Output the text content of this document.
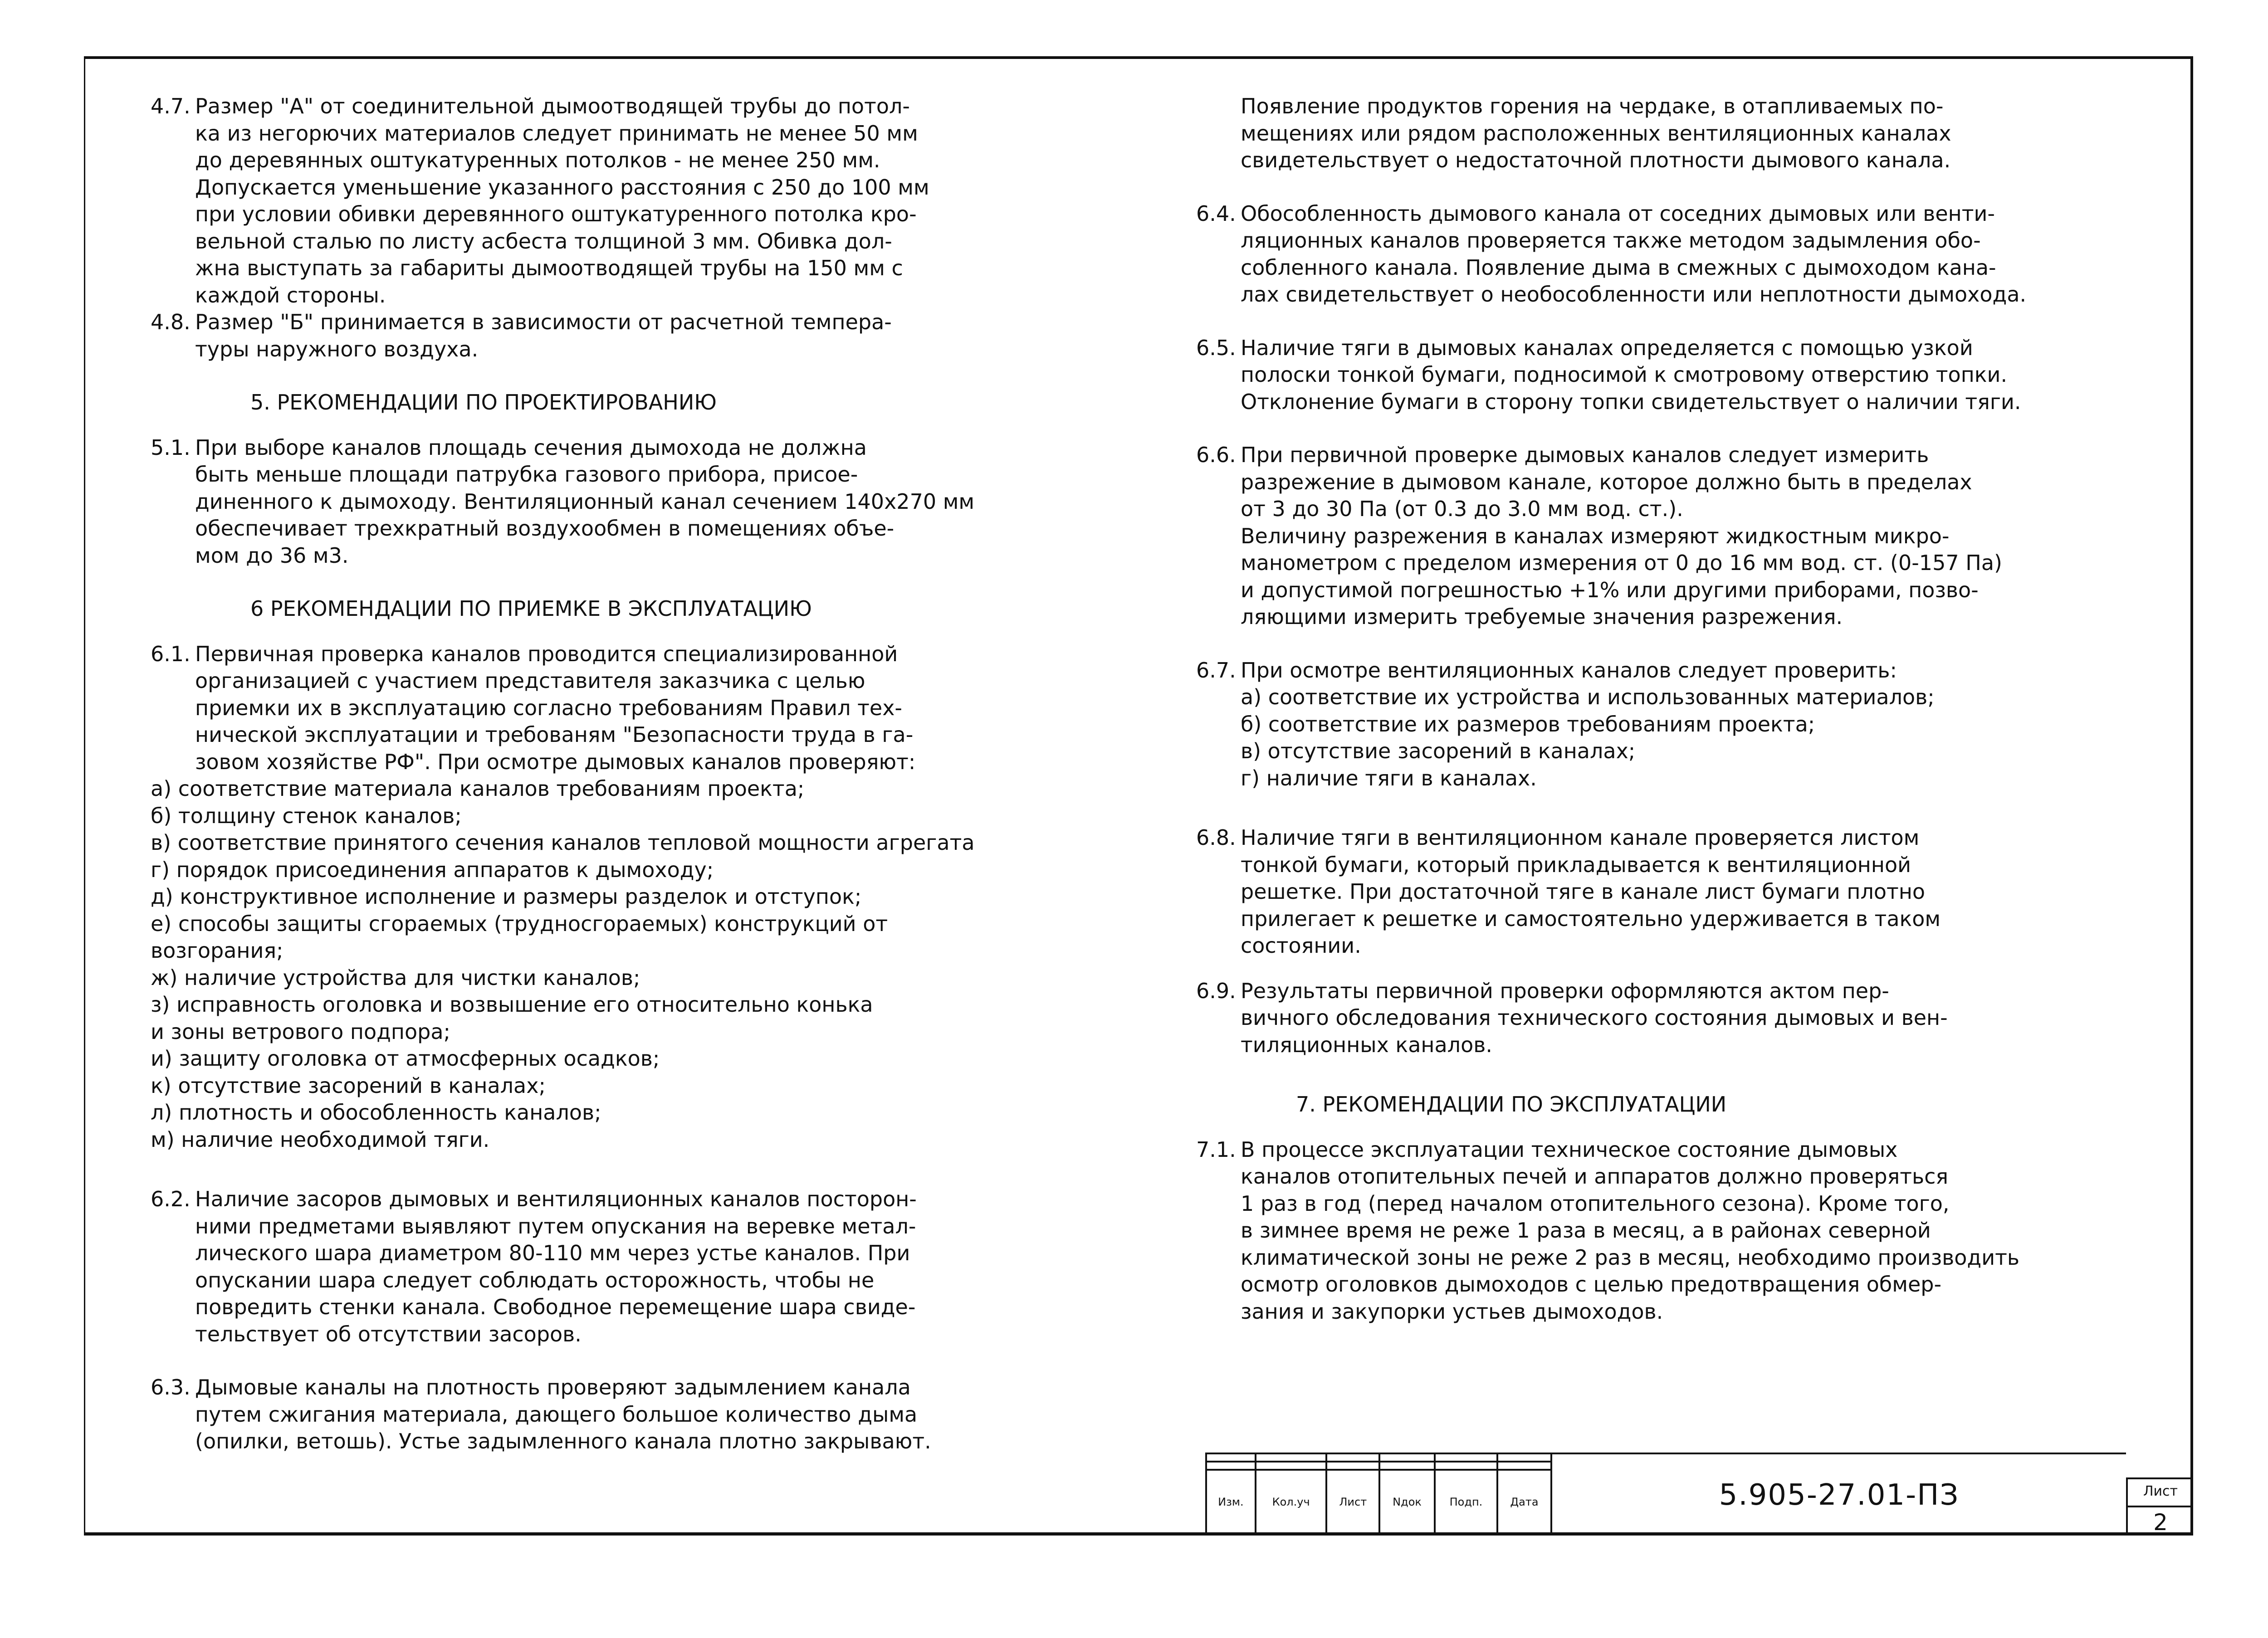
4.7. Размер "А" от соединительной дымоотводящей трубы до потол-
ка из негорючих материалов следует принимать не менее 50 мм
до деревянных оштукатуренных потолков - не менее 250 мм.
Допускается уменьшение указанного расстояния с 250 до 100 мм
при условии обивки деревянного оштукатуренного потолка кро-
вельной сталью по листу асбеста толщиной 3 мм. Обивка дол-
жна выступать за габариты дымоотводящей трубы на 150 мм с
каждой стороны.
4.8. Размер "Б" принимается в зависимости от расчетной темпера-
туры наружного воздуха.
5. РЕКОМЕНДАЦИИ ПО ПРОЕКТИРОВАНИЮ
5.1. При выборе каналов площадь сечения дымохода не должна
быть меньше площади патрубка газового прибора, присое-
диненного к дымоходу. Вентиляционный канал сечением 140х270 мм
обеспечивает трехкратный воздухообмен в помещениях объе-
мом до 36 м3.
6 РЕКОМЕНДАЦИИ ПО ПРИЕМКЕ В ЭКСПЛУАТАЦИЮ
6.1. Первичная проверка каналов проводится специализированной
организацией с участием представителя заказчика с целью
приемки их в эксплуатацию согласно требованиям Правил тех-
нической эксплуатации и требованям "Безопасности труда в га-
зовом хозяйстве РФ". При осмотре дымовых каналов проверяют:
а) соответствие материала каналов требованиям проекта;
б) толщину стенок каналов;
в) соответствие принятого сечения каналов тепловой мощности агрегата
г) порядок присоединения аппаратов к дымоходу;
д) конструктивное исполнение и размеры разделок и отступок;
е) способы защиты сгораемых (трудносгораемых) конструкций от
возгорания;
ж) наличие устройства для чистки каналов;
з) исправность оголовка и возвышение его относительно конька
и зоны ветрового подпора;
и) защиту оголовка от атмосферных осадков;
к) отсутствие засорений в каналах;
л) плотность и обособленность каналов;
м) наличие необходимой тяги.
6.2. Наличие засоров дымовых и вентиляционных каналов посторон-
ними предметами выявляют путем опускания на веревке метал-
лического шара диаметром 80-110 мм через устье каналов. При
опускании шара следует соблюдать осторожность, чтобы не
повредить стенки канала. Свободное перемещение шара свиде-
тельствует об отсутствии засоров.
6.3. Дымовые каналы на плотность проверяют задымлением канала
путем сжигания материала, дающего большое количество дыма
(опилки, ветошь). Устье задымленного канала плотно закрывают.
Появление продуктов горения на чердаке, в отапливаемых по-
мещениях или рядом расположенных вентиляционных каналах
свидетельствует о недостаточной плотности дымового канала.
6.4. Обособленность дымового канала от соседних дымовых или венти-
ляционных каналов проверяется также методом задымления обо-
собленного канала. Появление дыма в смежных с дымоходом кана-
лах свидетельствует о необособленности или неплотности дымохода.
6.5. Наличие тяги в дымовых каналах определяется с помощью узкой
полоски тонкой бумаги, подносимой к смотровому отверстию топки.
Отклонение бумаги в сторону топки свидетельствует о наличии тяги.
6.6. При первичной проверке дымовых каналов следует измерить
разрежение в дымовом канале, которое должно быть в пределах
от 3 до 30 Па (от 0.3 до 3.0 мм вод. ст.).
Величину разрежения в каналах измеряют жидкостным микро-
манометром с пределом измерения от 0 до 16 мм вод. ст. (0-157 Па)
и допустимой погрешностью +1% или другими приборами, позво-
ляющими измерить требуемые значения разрежения.
6.7. При осмотре вентиляционных каналов следует проверить:
а) соответствие их устройства и использованных материалов;
б) соответствие их размеров требованиям проекта;
в) отсутствие засорений в каналах;
г) наличие тяги в каналах.
6.8. Наличие тяги в вентиляционном канале проверяется листом
тонкой бумаги, который прикладывается к вентиляционной
решетке. При достаточной тяге в канале лист бумаги плотно
прилегает к решетке и самостоятельно удерживается в таком
состоянии.
6.9. Результаты первичной проверки оформляются актом пер-
вичного обследования технического состояния дымовых и вен-
тиляционных каналов.
7. РЕКОМЕНДАЦИИ ПО ЭКСПЛУАТАЦИИ
7.1. В процессе эксплуатации техническое состояние дымовых
каналов отопительных печей и аппаратов должно проверяться
1 раз в год (перед началом отопительного сезона). Кроме того,
в зимнее время не реже 1 раза в месяц, а в районах северной
климатической зоны не реже 2 раз в месяц, необходимо производить
осмотр оголовков дымоходов с целью предотвращения обмер-
зания и закупорки устьев дымоходов.

Изм.	Кол.уч	Лист	Nдок	Подп.	Дата	5.905-27.01-ПЗ	Лист
2
